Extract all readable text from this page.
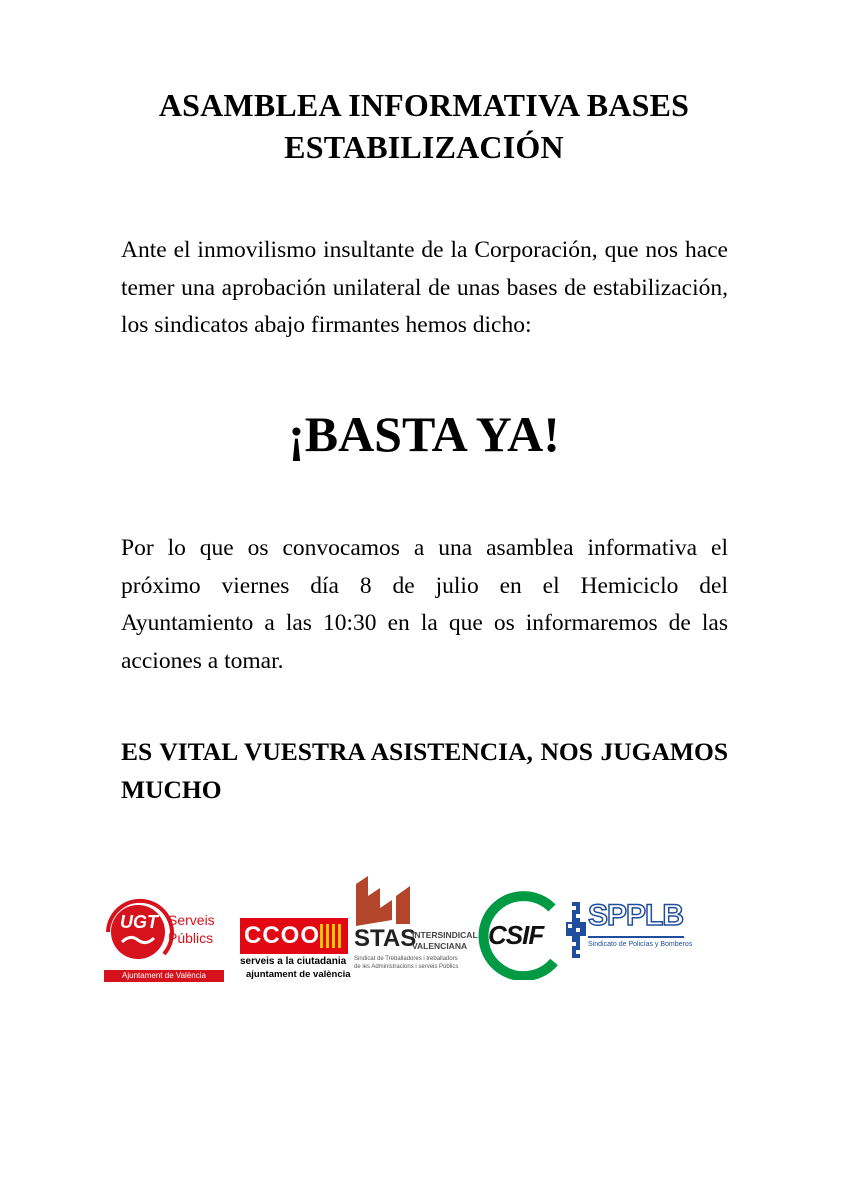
ASAMBLEA INFORMATIVA BASES
ESTABILIZACIÓN
Ante el inmovilismo insultante de la Corporación, que nos hace temer una aprobación unilateral de unas bases de estabilización, los sindicatos abajo firmantes hemos dicho:
¡BASTA YA!
Por lo que os convocamos a una asamblea informativa el próximo viernes día 8 de julio en el Hemiciclo del Ayuntamiento a las 10:30 en la que os informaremos de las acciones a tomar.
ES VITAL VUESTRA ASISTENCIA, NOS JUGAMOS MUCHO
UGT Serveis
Públics
Ajuntament de València
CCOO
serveis a la ciutadania
ajuntament de valència
STAS
INTERSINDICAL
VALENCIANA
Sindicat de Treballadores i treballadors
de les Administracions i serveis Públics
CSIF
SPPLB
Sindicato de Policías y Bomberos
